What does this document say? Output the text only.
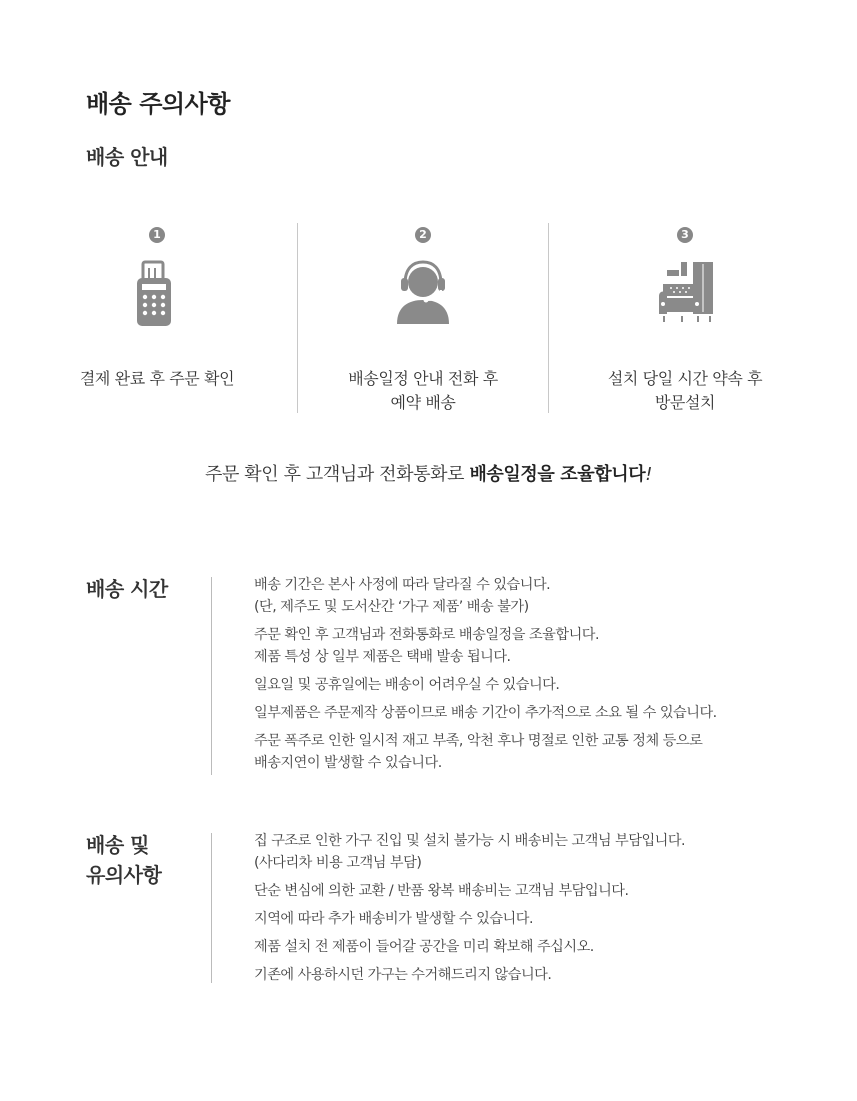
배송 주의사항
배송 안내
1
결제 완료 후 주문 확인
2
배송일정 안내 전화 후
예약 배송
3
설치 당일 시간 약속 후
방문설치
주문 확인 후 고객님과 전화통화로 배송일정을 조율합니다!
배송 시간	배송 기간은 본사 사정에 따라 달라질 수 있습니다.
(단, 제주도 및 도서산간 ‘가구 제품’ 배송 불가)
주문 확인 후 고객님과 전화통화로 배송일정을 조율합니다.
제품 특성 상 일부 제품은 택배 발송 됩니다.
일요일 및 공휴일에는 배송이 어려우실 수 있습니다.
일부제품은 주문제작 상품이므로 배송 기간이 추가적으로 소요 될 수 있습니다.
주문 폭주로 인한 일시적 재고 부족, 악천 후나 명절로 인한 교통 정체 등으로
배송지연이 발생할 수 있습니다.
배송 및
유의사항
집 구조로 인한 가구 진입 및 설치 불가능 시 배송비는 고객님 부담입니다.
(사다리차 비용 고객님 부담)
단순 변심에 의한 교환 / 반품 왕복 배송비는 고객님 부담입니다.
지역에 따라 추가 배송비가 발생할 수 있습니다.
제품 설치 전 제품이 들어갈 공간을 미리 확보해 주십시오.
기존에 사용하시던 가구는 수거해드리지 않습니다.
